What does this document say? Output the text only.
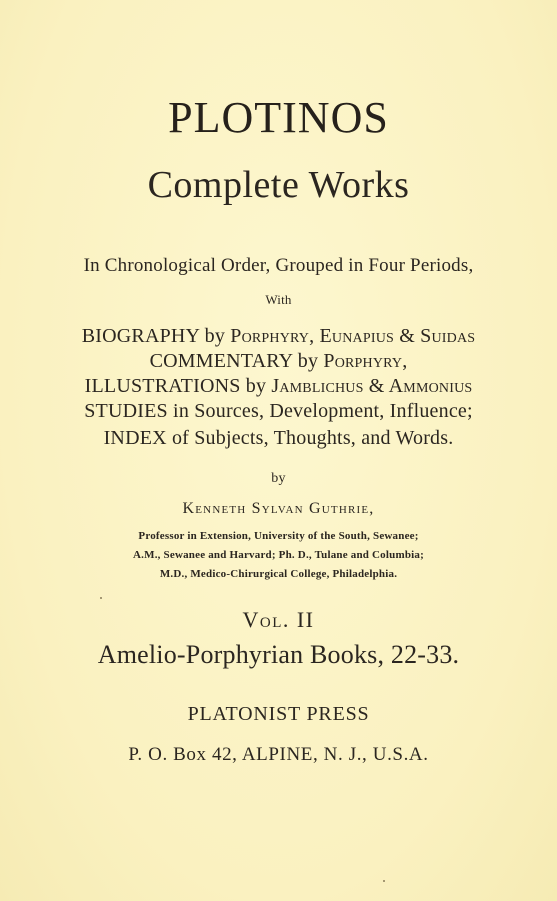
PLOTINOS
Complete Works
In Chronological Order, Grouped in Four Periods,
With
BIOGRAPHY by Porphyry, Eunapius & Suidas
COMMENTARY by Porphyry,
ILLUSTRATIONS by Jamblichus & Ammonius
STUDIES in Sources, Development, Influence;
INDEX of Subjects, Thoughts, and Words.
by
Kenneth Sylvan Guthrie,
Professor in Extension, University of the South, Sewanee;
A.M., Sewanee and Harvard; Ph. D., Tulane and Columbia;
M.D., Medico-Chirurgical College, Philadelphia.
Vol. II
Amelio-Porphyrian Books, 22-33.
PLATONIST PRESS
P. O. Box 42, ALPINE, N. J., U.S.A.
